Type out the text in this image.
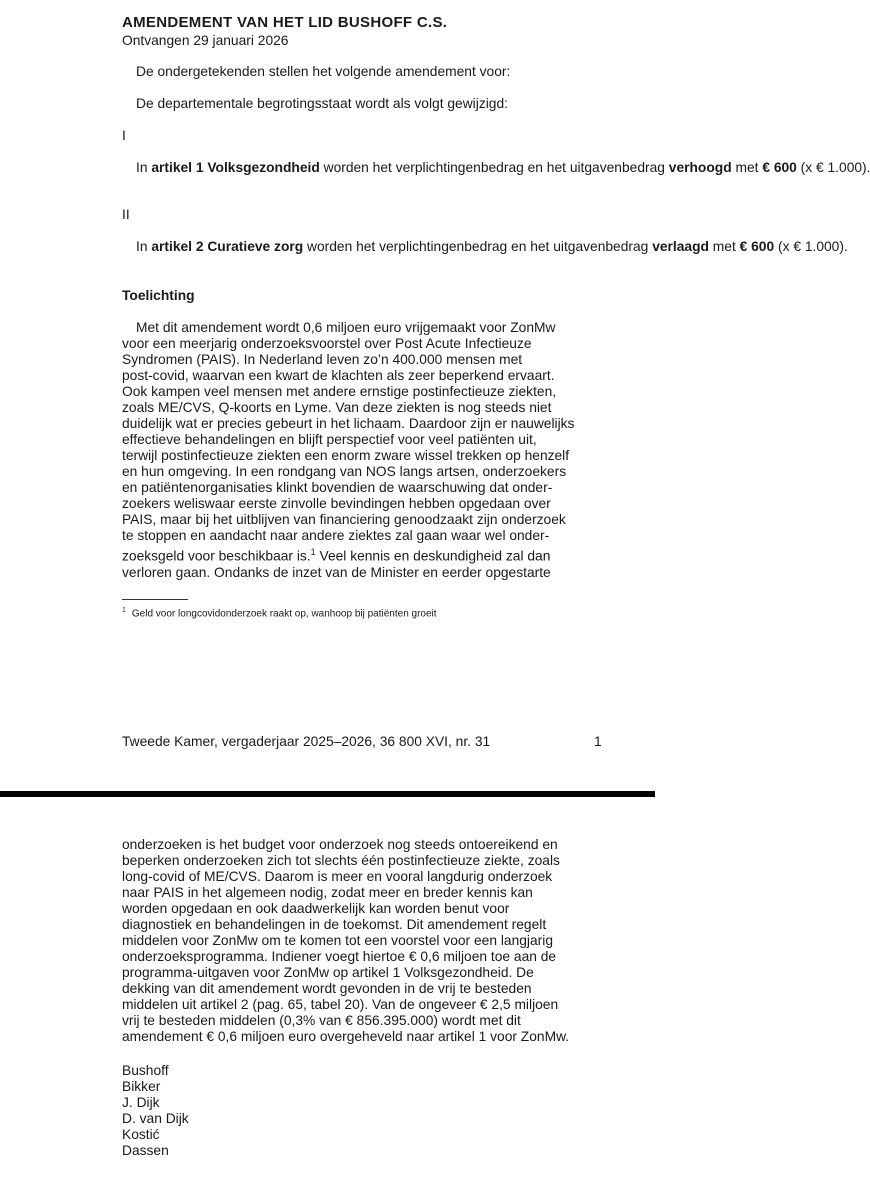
AMENDEMENT VAN HET LID BUSHOFF C.S.

Ontvangen 29 januari 2026

De ondergetekenden stellen het volgende amendement voor:

De departementale begrotingsstaat wordt als volgt gewijzigd:

I

In artikel 1 Volksgezondheid worden het verplichtingenbedrag en het uitgavenbedrag verhoogd met € 600 (x € 1.000).

II

In artikel 2 Curatieve zorg worden het verplichtingenbedrag en het uitgavenbedrag verlaagd met € 600 (x € 1.000).

Toelichting

Met dit amendement wordt 0,6 miljoen euro vrijgemaakt voor ZonMw
voor een meerjarig onderzoeksvoorstel over Post Acute Infectieuze
Syndromen (PAIS). In Nederland leven zo’n 400.000 mensen met
post-covid, waarvan een kwart de klachten als zeer beperkend ervaart.
Ook kampen veel mensen met andere ernstige postinfectieuze ziekten,
zoals ME/CVS, Q-koorts en Lyme. Van deze ziekten is nog steeds niet
duidelijk wat er precies gebeurt in het lichaam. Daardoor zijn er nauwelijks
effectieve behandelingen en blijft perspectief voor veel patiënten uit,
terwijl postinfectieuze ziekten een enorm zware wissel trekken op henzelf
en hun omgeving. In een rondgang van NOS langs artsen, onderzoekers
en patiëntenorganisaties klinkt bovendien de waarschuwing dat onder-
zoekers weliswaar eerste zinvolle bevindingen hebben opgedaan over
PAIS, maar bij het uitblijven van financiering genoodzaakt zijn onderzoek
te stoppen en aandacht naar andere ziektes zal gaan waar wel onder-
zoeksgeld voor beschikbaar is.$^1$ Veel kennis en deskundigheid zal dan
verloren gaan. Ondanks de inzet van de Minister en eerder opgestarte
$^1$ Geld voor longcovidonderzoek raakt op, wanhoop bij patiënten groeit
Tweede Kamer, vergaderjaar 2025–2026, 36 800 XVI, nr. 31	1
onderzoeken is het budget voor onderzoek nog steeds ontoereikend en
beperken onderzoeken zich tot slechts één postinfectieuze ziekte, zoals
long-covid of ME/CVS. Daarom is meer en vooral langdurig onderzoek
naar PAIS in het algemeen nodig, zodat meer en breder kennis kan
worden opgedaan en ook daadwerkelijk kan worden benut voor
diagnostiek en behandelingen in de toekomst. Dit amendement regelt
middelen voor ZonMw om te komen tot een voorstel voor een langjarig
onderzoeksprogramma. Indiener voegt hiertoe € 0,6 miljoen toe aan de
programma-uitgaven voor ZonMw op artikel 1 Volksgezondheid. De
dekking van dit amendement wordt gevonden in de vrij te besteden
middelen uit artikel 2 (pag. 65, tabel 20). Van de ongeveer € 2,5 miljoen
vrij te besteden middelen (0,3% van € 856.395.000) wordt met dit
amendement € 0,6 miljoen euro overgeheveld naar artikel 1 voor ZonMw.
Bushoff
Bikker
J. Dijk
D. van Dijk
Kostić
Dassen
